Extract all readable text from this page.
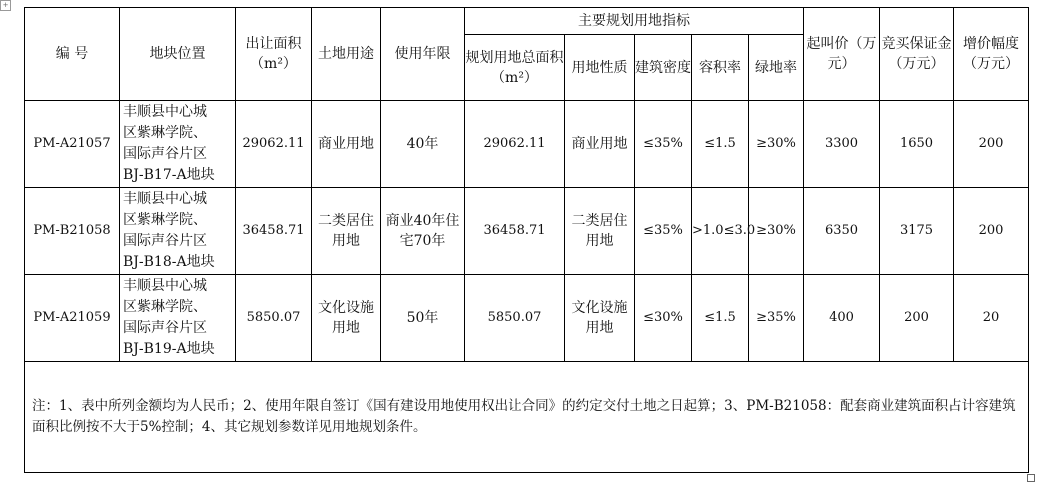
+
编 号	地块位置	出让面积（m²）	土地用途	使用年限	主要规划用地指标					起叫价（万元）	竞买保证金（万元）	增价幅度（万元）
					规划用地总面积（m²）	用地性质	建筑密度	容积率	绿地率			
PM-A21057	丰顺县中心城
区紫琳学院、
国际声谷片区
BJ-B17-A地块	29062.11	商业用地	40年	29062.11	商业用地	≤35%	≤1.5	≥30%	3300	1650	200
PM-B21058	丰顺县中心城
区紫琳学院、
国际声谷片区
BJ-B18-A地块	36458.71	二类居住用地	商业40年住宅70年	36458.71	二类居住用地	≤35%	>1.0≤3.0	≥30%	6350	3175	200
PM-A21059	丰顺县中心城
区紫琳学院、
国际声谷片区
BJ-B19-A地块	5850.07	文化设施用地	50年	5850.07	文化设施用地	≤30%	≤1.5	≥35%	400	200	20
注：1、表中所列金额均为人民币；2、使用年限自签订《国有建设用地使用权出让合同》的约定交付土地之日起算；3、PM-B21058：配套商业建筑面积占计容建筑面积比例按不大于5%控制；4、其它规划参数详见用地规划条件。												
